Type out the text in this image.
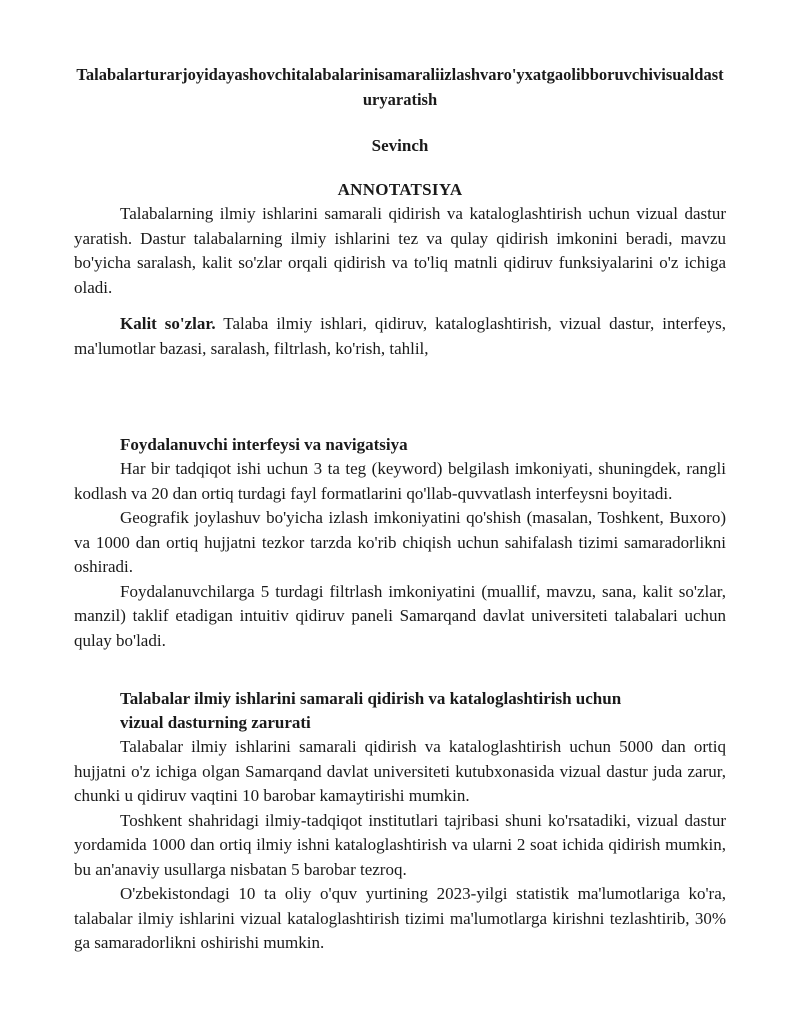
Talabalarturarjoyidayashovchitalabalarinisamaraliizlashvaro'yxatgaolibboruvchivisualdasturyaratish
Sevinch
ANNOTATSIYA

Talabalarning ilmiy ishlarini samarali qidirish va kataloglashtirish uchun vizual dastur yaratish. Dastur talabalarning ilmiy ishlarini tez va qulay qidirish imkonini beradi, mavzu bo'yicha saralash, kalit so'zlar orqali qidirish va to'liq matnli qidiruv funksiyalarini o'z ichiga oladi.

Kalit so'zlar. Talaba ilmiy ishlari, qidiruv, kataloglashtirish, vizual dastur, interfeys, ma'lumotlar bazasi, saralash, filtrlash, ko'rish, tahlil,

Foydalanuvchi interfeysi va navigatsiya

Har bir tadqiqot ishi uchun 3 ta teg (keyword) belgilash imkoniyati, shuningdek, rangli kodlash va 20 dan ortiq turdagi fayl formatlarini qo'llab-quvvatlash interfeysni boyitadi.

Geografik joylashuv bo'yicha izlash imkoniyatini qo'shish (masalan, Toshkent, Buxoro) va 1000 dan ortiq hujjatni tezkor tarzda ko'rib chiqish uchun sahifalash tizimi samaradorlikni oshiradi.

Foydalanuvchilarga 5 turdagi filtrlash imkoniyatini (muallif, mavzu, sana, kalit so'zlar, manzil) taklif etadigan intuitiv qidiruv paneli Samarqand davlat universiteti talabalari uchun qulay bo'ladi.

Talabalar ilmiy ishlarini samarali qidirish va kataloglashtirish uchun vizual dasturning zarurati

Talabalar ilmiy ishlarini samarali qidirish va kataloglashtirish uchun 5000 dan ortiq hujjatni o'z ichiga olgan Samarqand davlat universiteti kutubxonasida vizual dastur juda zarur, chunki u qidiruv vaqtini 10 barobar kamaytirishi mumkin.

Toshkent shahridagi ilmiy-tadqiqot institutlari tajribasi shuni ko'rsatadiki, vizual dastur yordamida 1000 dan ortiq ilmiy ishni kataloglashtirish va ularni 2 soat ichida qidirish mumkin, bu an'anaviy usullarga nisbatan 5 barobar tezroq.

O'zbekistondagi 10 ta oliy o'quv yurtining 2023-yilgi statistik ma'lumotlariga ko'ra, talabalar ilmiy ishlarini vizual kataloglashtirish tizimi ma'lumotlarga kirishni tezlashtirib, 30% ga samaradorlikni oshirishi mumkin.
